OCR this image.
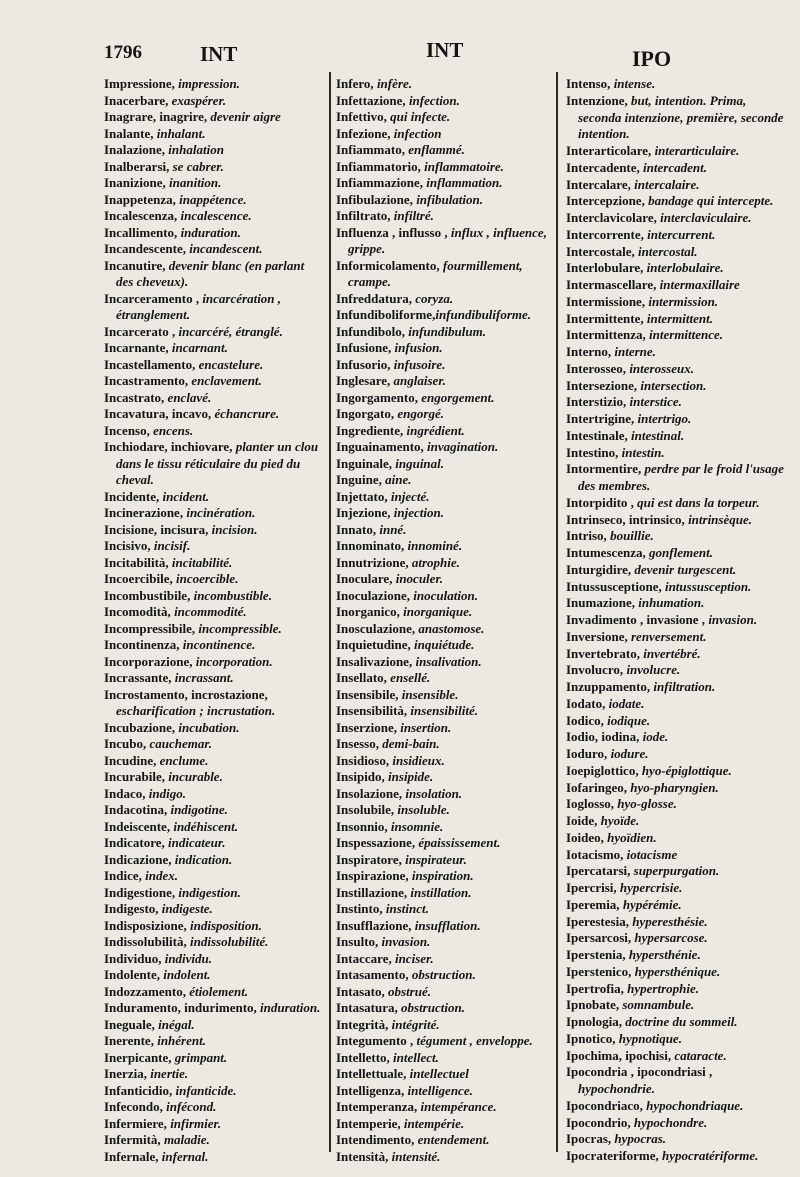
1796	INT	INT	IPO

Impressione, impression.

Inacerbare, exaspérer.

Inagrare, inagrire, devenir aigre

Inalante, inhalant.

Inalazione, inhalation

Inalberarsi, se cabrer.

Inanizione, inanition.

Inappetenza, inappétence.

Incalescenza, incalescence.

Incallimento, induration.

Incandescente, incandescent.

Incanutire, devenir blanc (en parlant des cheveux).

Incarceramento , incarcération , étranglement.

Incarcerato , incarcéré, étranglé.

Incarnante, incarnant.

Incastellamento, encastelure.

Incastramento, enclavement.

Incastrato, enclavé.

Incavatura, incavo, échancrure.

Incenso, encens.

Inchiodare, inchiovare, planter un clou dans le tissu réticulaire du pied du cheval.

Incidente, incident.

Incinerazione, incinération.

Incisione, incisura, incision.

Incisivo, incisif.

Incitabilità, incitabilité.

Incoercibile, incoercible.

Incombustibile, incombustible.

Incomodità, incommodité.

Incompressibile, incompressible.

Incontinenza, incontinence.

Incorporazione, incorporation.

Incrassante, incrassant.

Incrostamento, incrostazione, escharification ; incrustation.

Incubazione, incubation.

Incubo, cauchemar.

Incudine, enclume.

Incurabile, incurable.

Indaco, indigo.

Indacotina, indigotine.

Indeiscente, indéhiscent.

Indicatore, indicateur.

Indicazione, indication.

Indice, index.

Indigestione, indigestion.

Indigesto, indigeste.

Indisposizione, indisposition.

Indissolubilità, indissolubilité.

Individuo, individu.

Indolente, indolent.

Indozzamento, étiolement.

Induramento, indurimento, induration.

Ineguale, inégal.

Inerente, inhérent.

Inerpicante, grimpant.

Inerzia, inertie.

Infanticidio, infanticide.

Infecondo, infécond.

Infermiere, infirmier.

Infermità, maladie.

Infernale, infernal.

Infero, infère.

Infettazione, infection.

Infettivo, qui infecte.

Infezione, infection

Infiammato, enflammé.

Infiammatorio, inflammatoire.

Infiammazione, inflammation.

Infibulazione, infibulation.

Infiltrato, infiltré.

Influenza , influsso , influx , influence, grippe.

Informicolamento, fourmillement, crampe.

Infreddatura, coryza.

Infundiboliforme,infundibuliforme.

Infundibolo, infundibulum.

Infusione, infusion.

Infusorio, infusoire.

Inglesare, anglaiser.

Ingorgamento, engorgement.

Ingorgato, engorgé.

Ingrediente, ingrédient.

Inguainamento, invagination.

Inguinale, inguinal.

Inguine, aine.

Injettato, injecté.

Injezione, injection.

Innato, inné.

Innominato, innominé.

Innutrizione, atrophie.

Inoculare, inoculer.

Inoculazione, inoculation.

Inorganico, inorganique.

Inosculazione, anastomose.

Inquietudine, inquiétude.

Insalivazione, insalivation.

Insellato, ensellé.

Insensibile, insensible.

Insensibilità, insensibilité.

Inserzione, insertion.

Insesso, demi-bain.

Insidioso, insidieux.

Insipido, insipide.

Insolazione, insolation.

Insolubile, insoluble.

Insonnio, insomnie.

Inspessazione, épaississement.

Inspiratore, inspirateur.

Inspirazione, inspiration.

Instillazione, instillation.

Instinto, instinct.

Insufflazione, insufflation.

Insulto, invasion.

Intaccare, inciser.

Intasamento, obstruction.

Intasato, obstrué.

Intasatura, obstruction.

Integrità, intégrité.

Integumento , tégument , enveloppe.

Intelletto, intellect.

Intellettuale, intellectuel

Intelligenza, intelligence.

Intemperanza, intempérance.

Intemperie, intempérie.

Intendimento, entendement.

Intensità, intensité.

Intenso, intense.

Intenzione, but, intention. Prima, seconda intenzione, première, seconde intention.

Interarticolare, interarticulaire.

Intercadente, intercadent.

Intercalare, intercalaire.

Intercepzione, bandage qui intercepte.

Interclavicolare, interclaviculaire.

Intercorrente, intercurrent.

Intercostale, intercostal.

Interlobulare, interlobulaire.

Intermascellare, intermaxillaire

Intermissione, intermission.

Intermittente, intermittent.

Intermittenza, intermittence.

Interno, interne.

Interosseo, interosseux.

Intersezione, intersection.

Interstizio, interstice.

Intertrigine, intertrigo.

Intestinale, intestinal.

Intestino, intestin.

Intormentire, perdre par le froid l'usage des membres.

Intorpidito , qui est dans la torpeur.

Intrinseco, intrinsico, intrinsèque.

Intriso, bouillie.

Intumescenza, gonflement.

Inturgidire, devenir turgescent.

Intussusceptione, intussusception.

Inumazione, inhumation.

Invadimento , invasione , invasion.

Inversione, renversement.

Invertebrato, invertébré.

Involucro, involucre.

Inzuppamento, infiltration.

Iodato, iodate.

Iodico, iodique.

Iodio, iodina, iode.

Ioduro, iodure.

Ioepiglottico, hyo-épiglottique.

Iofaringeo, hyo-pharyngien.

Ioglosso, hyo-glosse.

Ioide, hyoïde.

Ioideo, hyoïdien.

Iotacismo, iotacisme

Ipercatarsi, superpurgation.

Ipercrisi, hypercrisie.

Iperemia, hypérémie.

Iperestesia, hyperesthésie.

Ipersarcosi, hypersarcose.

Iperstenia, hypersthénie.

Iperstenico, hypersthénique.

Ipertrofia, hypertrophie.

Ipnobate, somnambule.

Ipnologia, doctrine du sommeil.

Ipnotico, hypnotique.

Ipochima, ipochisi, cataracte.

Ipocondria , ipocondriasi , hypochondrie.

Ipocondriaco, hypochondriaque.

Ipocondrio, hypochondre.

Ipocras, hypocras.

Ipocrateriforme, hypocratériforme.
